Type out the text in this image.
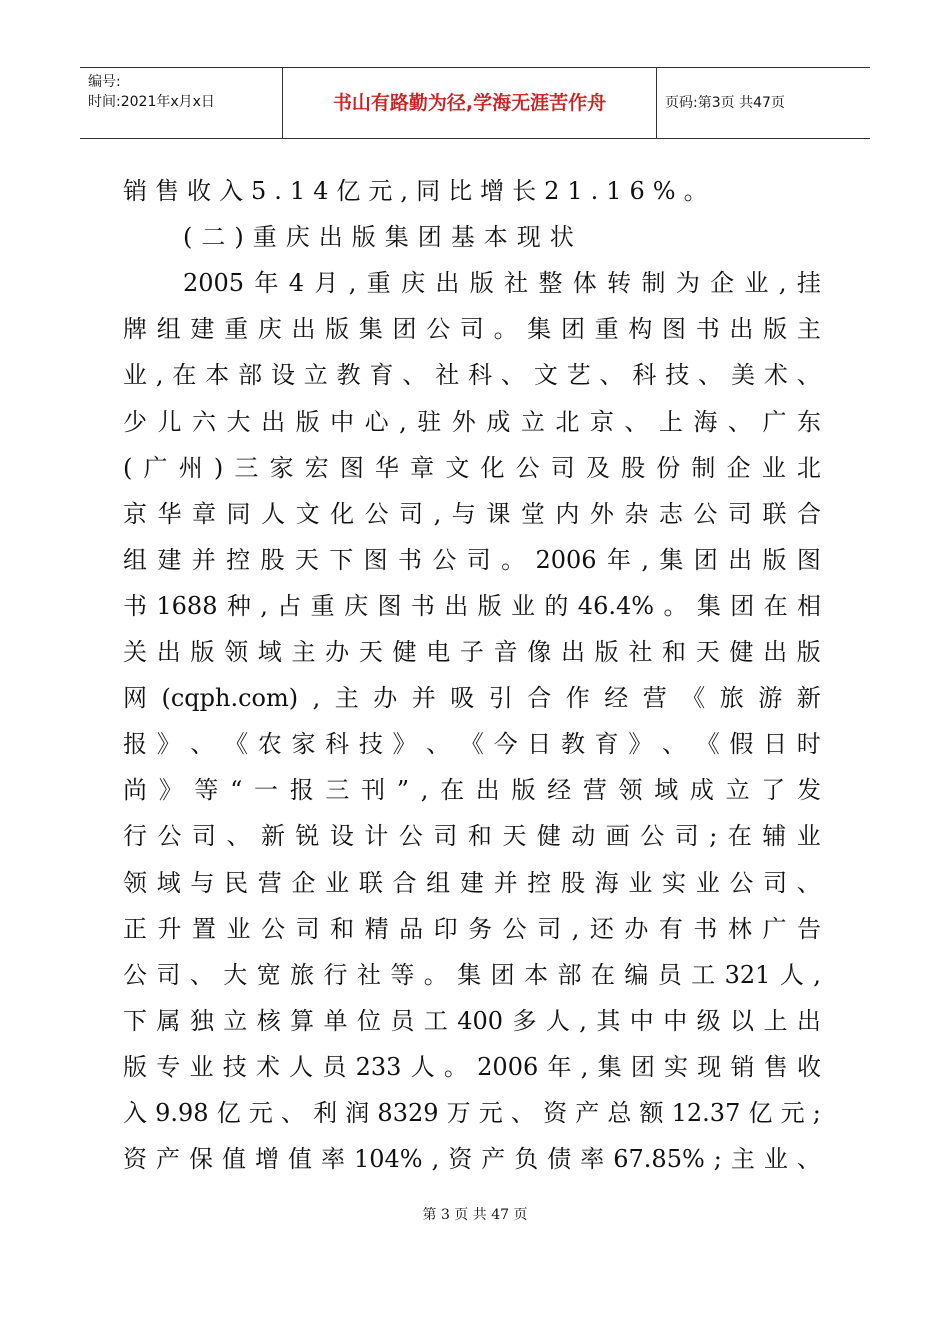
编号:
时间:2021年x月x日	书山有路勤为径,学海无涯苦作舟	页码:第3页 共47页
销售收入5.14亿元,同比增长21.16%。
(二)重庆出版集团基本现状
2005 年 4 月 , 重 庆 出 版 社 整 体 转 制 为 企 业 , 挂
牌 组 建 重 庆 出 版 集 团 公 司 。 集 团 重 构 图 书 出 版 主
业 , 在 本 部 设 立 教 育 、 社 科 、 文 艺 、 科 技 、 美 术 、
少 儿 六 大 出 版 中 心 , 驻 外 成 立 北 京 、 上 海 、 广 东
( 广 州 ) 三 家 宏 图 华 章 文 化 公 司 及 股 份 制 企 业 北
京 华 章 同 人 文 化 公 司 , 与 课 堂 内 外 杂 志 公 司 联 合
组 建 并 控 股 天 下 图 书 公 司 。 2006 年 , 集 团 出 版 图
书 1688 种 , 占 重 庆 图 书 出 版 业 的 46.4% 。 集 团 在 相
关 出 版 领 域 主 办 天 健 电 子 音 像 出 版 社 和 天 健 出 版
网 (cqph.com) , 主 办 并 吸 引 合 作 经 营 《 旅 游 新
报 》 、 《 农 家 科 技 》 、 《 今 日 教 育 》 、 《 假 日 时
尚 》 等 “ 一 报 三 刊 ” , 在 出 版 经 营 领 域 成 立 了 发
行 公 司 、 新 锐 设 计 公 司 和 天 健 动 画 公 司 ; 在 辅 业
领 域 与 民 营 企 业 联 合 组 建 并 控 股 海 业 实 业 公 司 、
正 升 置 业 公 司 和 精 品 印 务 公 司 , 还 办 有 书 林 广 告
公 司 、 大 宽 旅 行 社 等 。 集 团 本 部 在 编 员 工 321 人 ,
下 属 独 立 核 算 单 位 员 工 400 多 人 , 其 中 中 级 以 上 出
版 专 业 技 术 人 员 233 人 。 2006 年 , 集 团 实 现 销 售 收
入 9.98 亿 元 、 利 润 8329 万 元 、 资 产 总 额 12.37 亿 元 ;
资 产 保 值 增 值 率 104% , 资 产 负 债 率 67.85% ; 主 业 、
第 3 页 共 47 页
